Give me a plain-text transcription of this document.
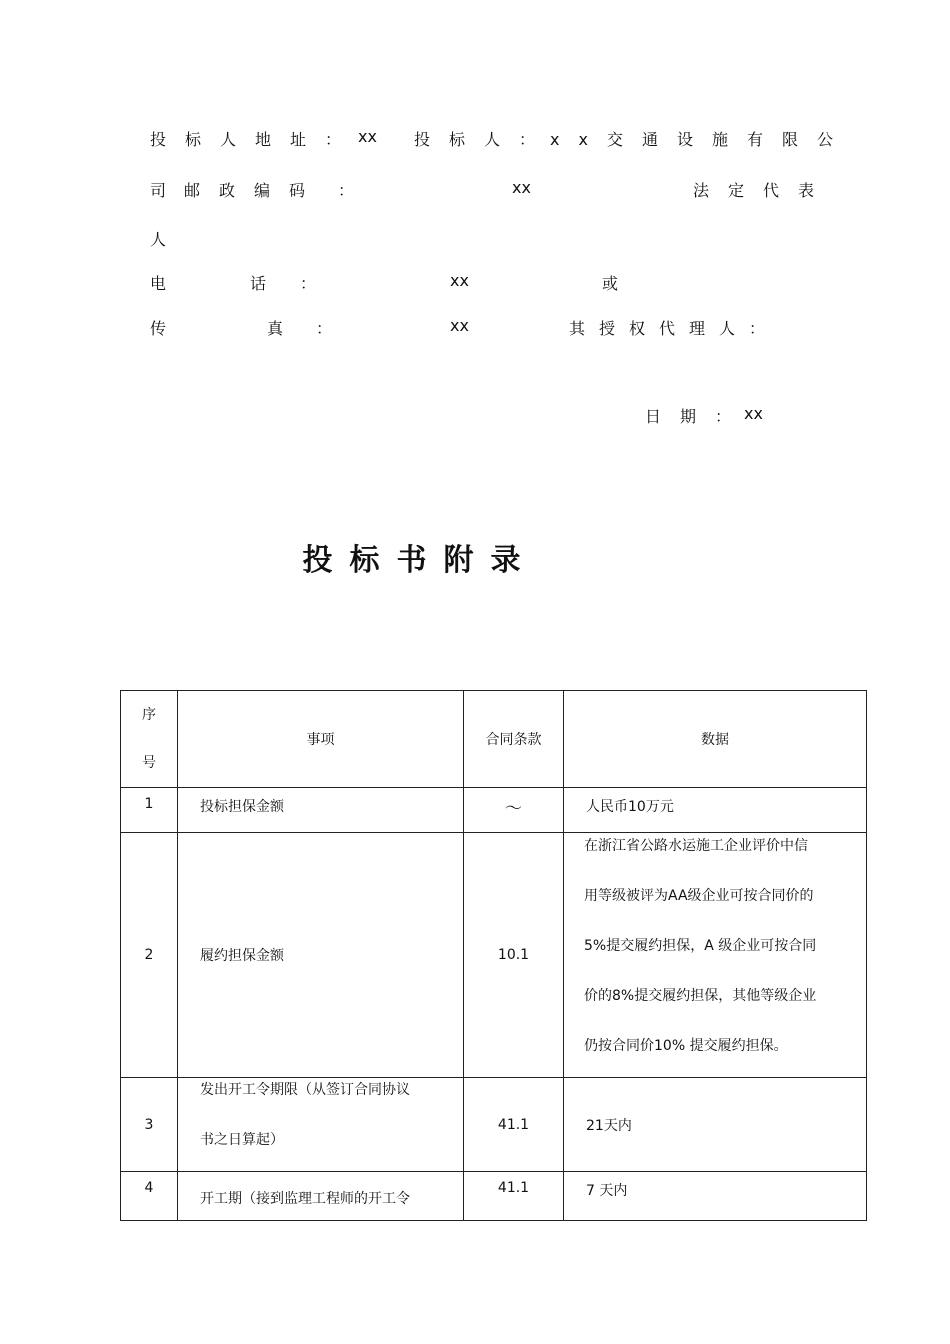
投标人地址：
xx 投标人：
xx交通设施有限公
司 邮政编码 ：	xx	法定代表
人
电	话 ：	xx	或
传	真 ：	xx	其授权代理人：
日期：
xx
投标书附录
序
号	事项	合同条款	数据
1	投标担保金额	～	人民币10万元
2	履约担保金额	10.1	在浙江省公路水运施工企业评价中信
用等级被评为AA级企业可按合同价的
5%提交履约担保，A 级企业可按合同
价的8%提交履约担保，其他等级企业
仍按合同价10% 提交履约担保。

3	发出开工令期限（从签订合同协议
书之日算起）	41.1	21天内
4	开工期（接到监理工程师的开工令	41.1	7 天内
